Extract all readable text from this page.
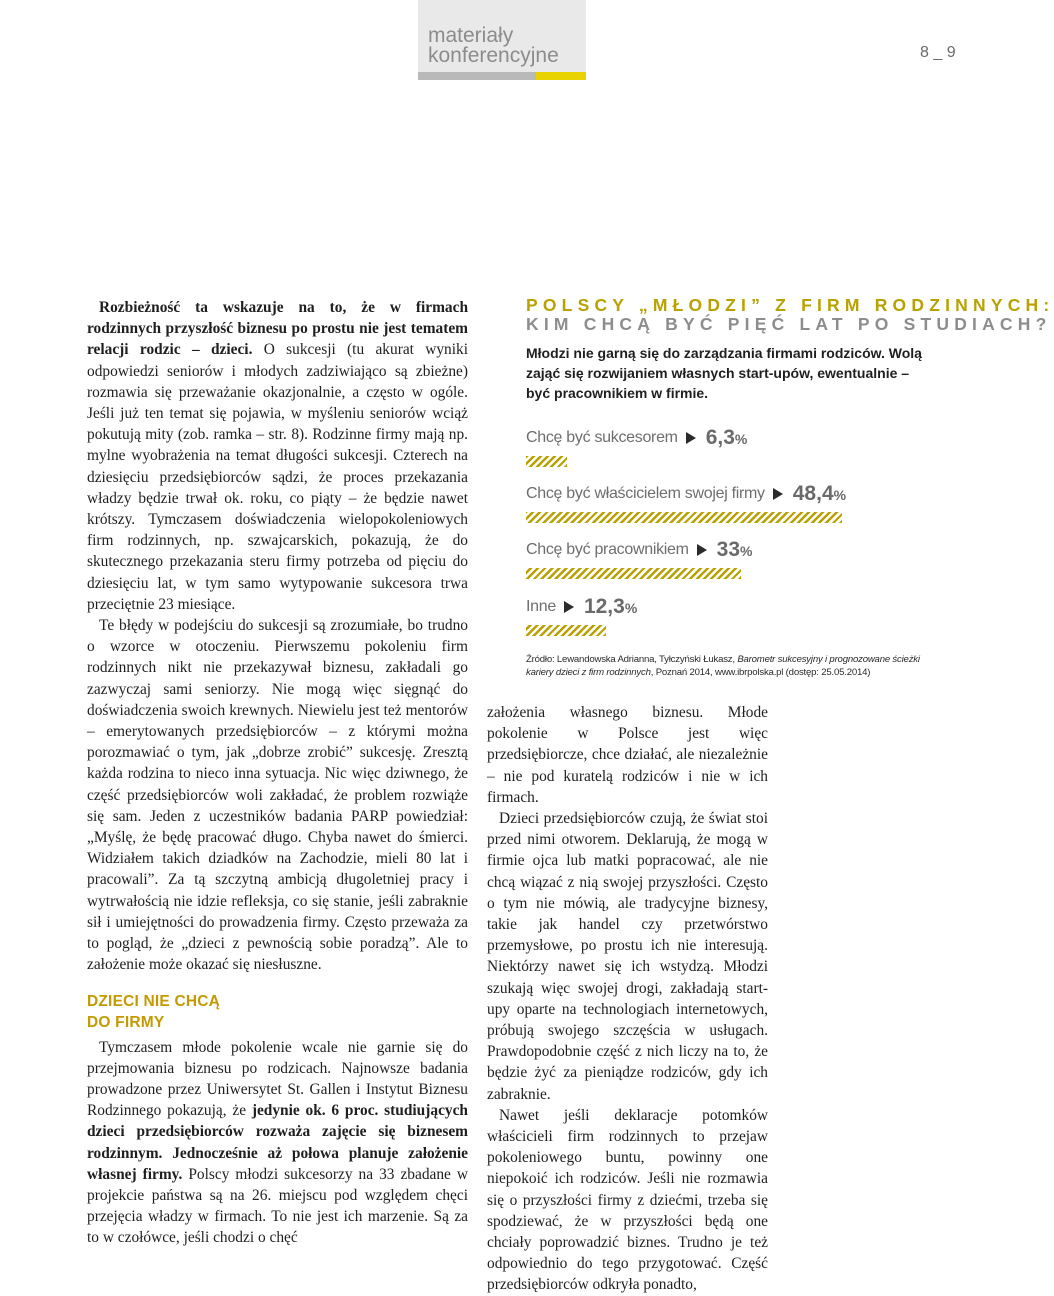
materiały
konferencyjne	8 _ 9

Rozbieżność ta wskazuje na to, że w firmach rodzinnych przyszłość biznesu po prostu nie jest tematem relacji rodzic – dzieci. O sukcesji (tu akurat wyniki odpowiedzi seniorów i młodych zadziwiająco są zbieżne) rozmawia się przeważanie okazjonalnie, a często w ogóle. Jeśli już ten temat się pojawia, w myśleniu seniorów wciąż pokutują mity (zob. ramka – str. 8). Rodzinne firmy mają np. mylne wyobrażenia na temat długości sukcesji. Czterech na dziesięciu przedsiębiorców sądzi, że proces przekazania władzy będzie trwał ok. roku, co piąty – że będzie nawet krótszy. Tymczasem doświadczenia wielopokoleniowych firm rodzinnych, np. szwajcarskich, pokazują, że do skutecznego przekazania steru firmy potrzeba od pięciu do dziesięciu lat, w tym samo wytypowanie sukcesora trwa przeciętnie 23 miesiące.

Te błędy w podejściu do sukcesji są zrozumiałe, bo trudno o wzorce w otoczeniu. Pierwszemu pokoleniu firm rodzinnych nikt nie przekazywał biznesu, zakładali go zazwyczaj sami seniorzy. Nie mogą więc sięgnąć do doświadczenia swoich krewnych. Niewielu jest też mentorów – emerytowanych przedsiębiorców – z którymi można porozmawiać o tym, jak „dobrze zrobić” sukcesję. Zresztą każda rodzina to nieco inna sytuacja. Nic więc dziwnego, że część przedsiębiorców woli zakładać, że problem rozwiąże się sam. Jeden z uczestników badania PARP powiedział: „Myślę, że będę pracować długo. Chyba nawet do śmierci. Widziałem takich dziadków na Zachodzie, mieli 80 lat i pracowali”. Za tą szczytną ambicją długoletniej pracy i wytrwałością nie idzie refleksja, co się stanie, jeśli zabraknie sił i umiejętności do prowadzenia firmy. Często przeważa za to pogląd, że „dzieci z pewnością sobie poradzą”. Ale to założenie może okazać się niesłuszne.

DZIECI NIE CHCĄ
DO FIRMY

Tymczasem młode pokolenie wcale nie garnie się do przejmowania biznesu po rodzicach. Najnowsze badania prowadzone przez Uniwersytet St. Gallen i Instytut Biznesu Rodzinnego pokazują, że jedynie ok. 6 proc. studiujących dzieci przedsiębiorców rozważa zajęcie się biznesem rodzinnym. Jednocześnie aż połowa planuje założenie własnej firmy. Polscy młodzi sukcesorzy na 33 zbadane w projekcie państwa są na 26. miejscu pod względem chęci przejęcia władzy w firmach. To nie jest ich marzenie. Są za to w czołówce, jeśli chodzi o chęć

założenia własnego biznesu. Młode pokolenie w Polsce jest więc przedsiębiorcze, chce działać, ale niezależnie – nie pod kuratelą rodziców i nie w ich firmach.

Dzieci przedsiębiorców czują, że świat stoi przed nimi otworem. Deklarują, że mogą w firmie ojca lub matki popracować, ale nie chcą wiązać z nią swojej przyszłości. Często o tym nie mówią, ale tradycyjne biznesy, takie jak handel czy przetwórstwo przemysłowe, po prostu ich nie interesują. Niektórzy nawet się ich wstydzą. Młodzi szukają więc swojej drogi, zakładają start-upy oparte na technologiach internetowych, próbują swojego szczęścia w usługach. Prawdopodobnie część z nich liczy na to, że będzie żyć za pieniądze rodziców, gdy ich zabraknie.

Nawet jeśli deklaracje potomków właścicieli firm rodzinnych to przejaw pokoleniowego buntu, powinny one niepokoić ich rodziców. Jeśli nie rozmawia się o przyszłości firmy z dziećmi, trzeba się spodziewać, że w przyszłości będą one chciały poprowadzić biznes. Trudno je też odpowiednio do tego przygotować. Część przedsiębiorców odkryła ponadto,

POLSCY „MŁODZI” Z FIRM RODZINNYCH:
KIM CHCĄ BYĆ PIĘĆ LAT PO STUDIACH?
Młodzi nie garną się do zarządzania firmami rodziców. Wolą zająć się rozwijaniem własnych start-upów, ewentualnie – być pracownikiem w firmie.
Chcę być sukcesorem 6,3%
Chcę być właścicielem swojej firmy 48,4%
Chcę być pracownikiem 33%
Inne 12,3%
Źródło: Lewandowska Adrianna, Tyłczyński Łukasz, Barometr sukcesyjny i prognozowane ścieżki kariery dzieci z firm rodzinnych, Poznań 2014, www.ibrpolska.pl (dostęp: 25.05.2014)
